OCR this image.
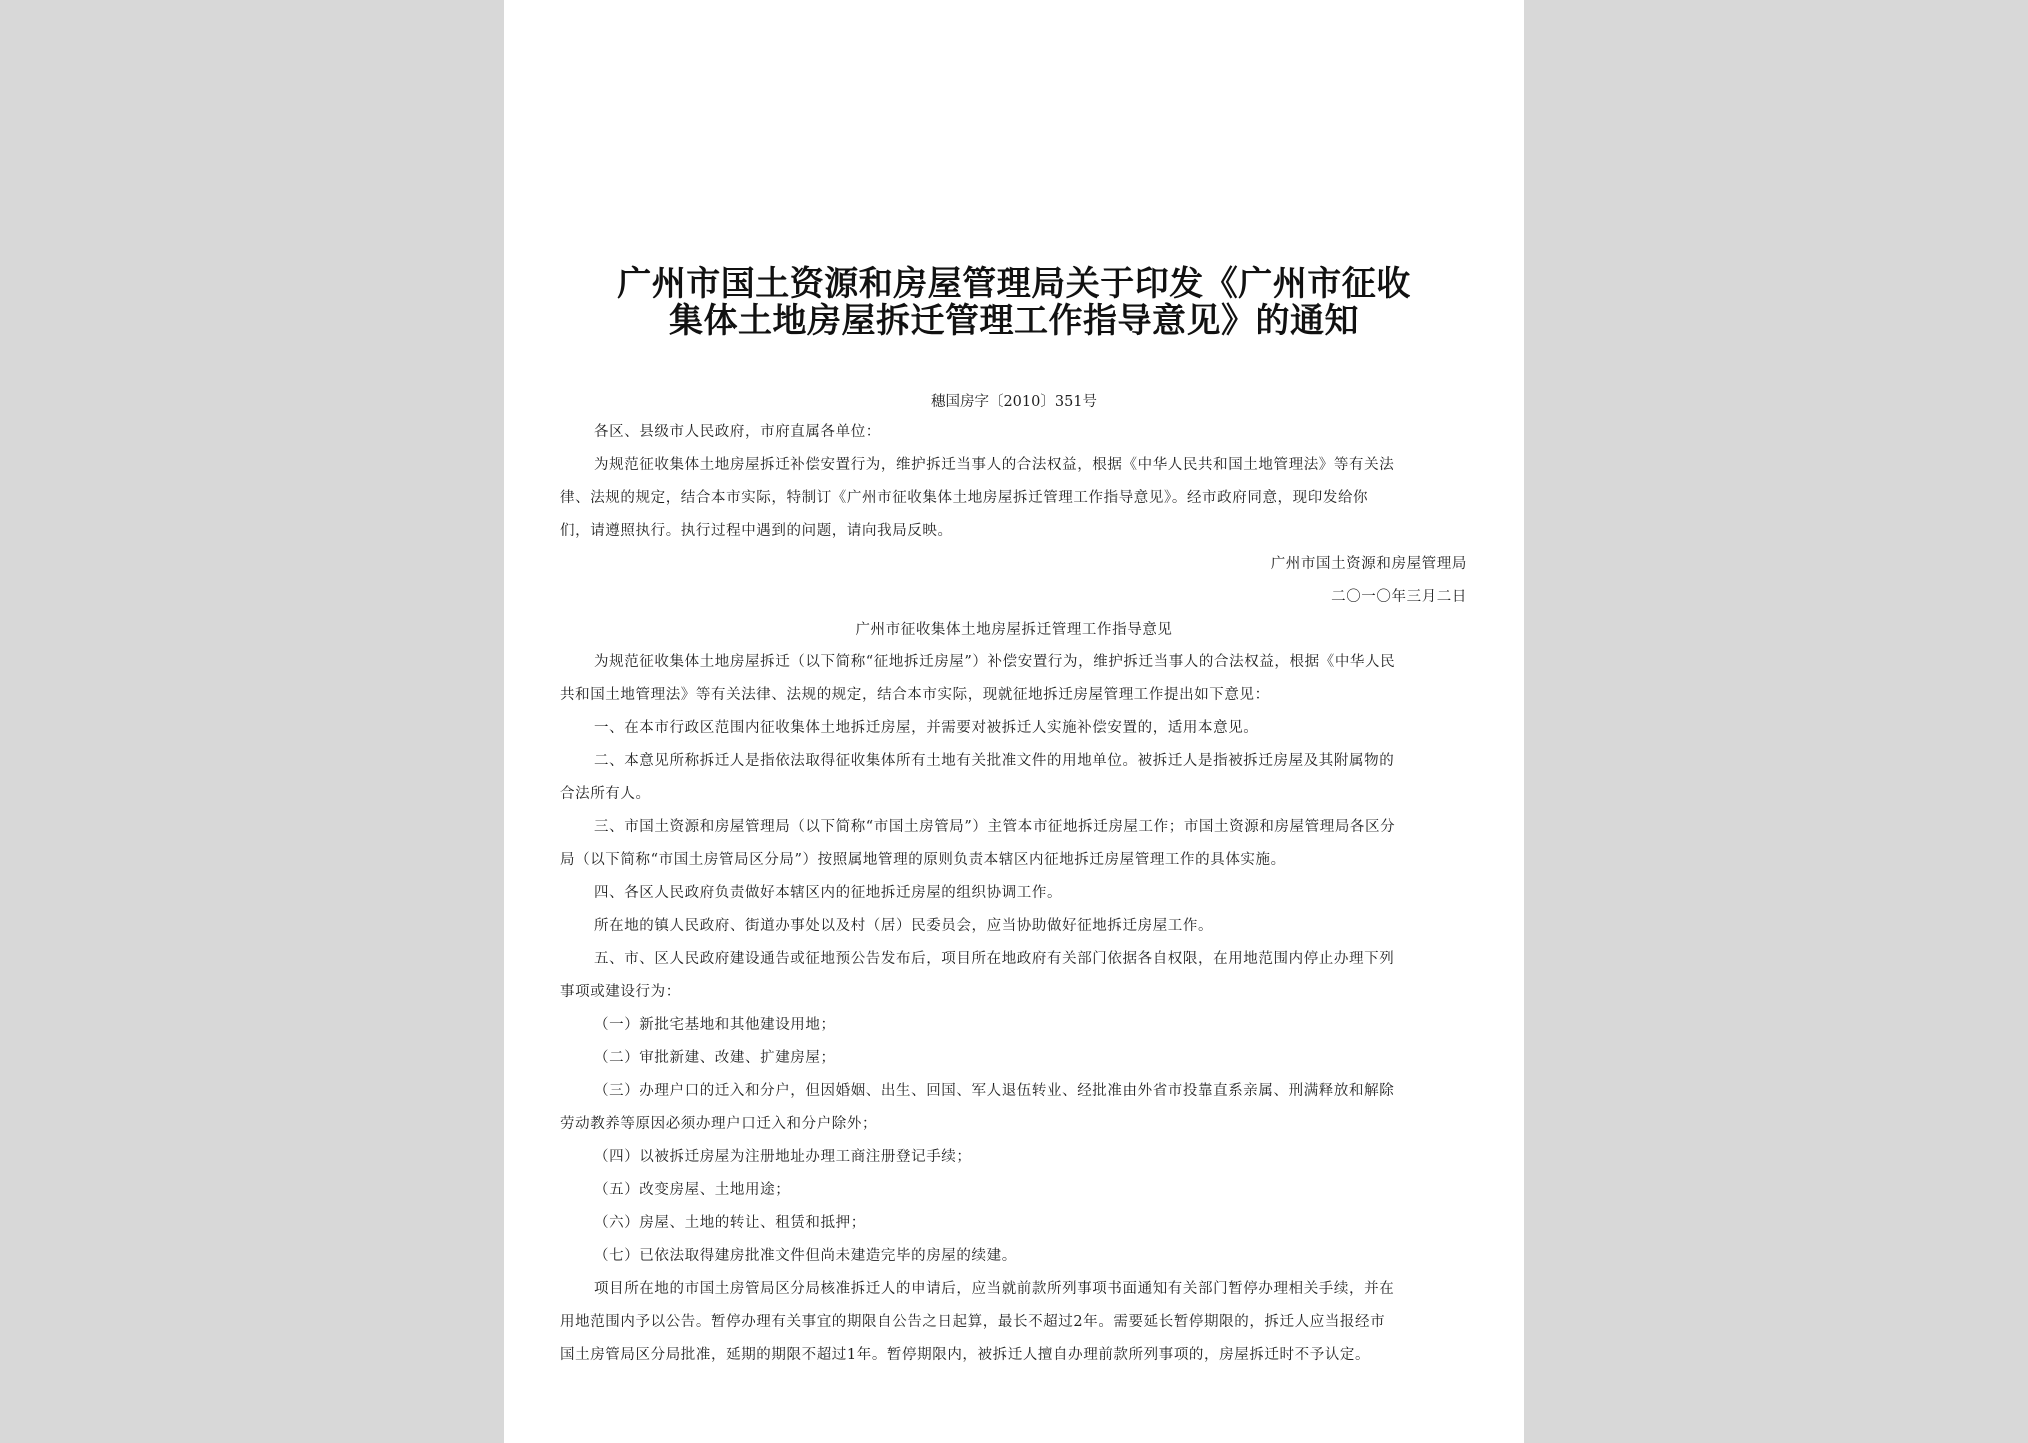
广州市国土资源和房屋管理局关于印发《广州市征收
集体土地房屋拆迁管理工作指导意见》的通知
穗国房字〔2010〕351号
各区、县级市人民政府，市府直属各单位：
为规范征收集体土地房屋拆迁补偿安置行为，维护拆迁当事人的合法权益，根据《中华人民共和国土地管理法》等有关法
律、法规的规定，结合本市实际，特制订《广州市征收集体土地房屋拆迁管理工作指导意见》。经市政府同意，现印发给你
们，请遵照执行。执行过程中遇到的问题，请向我局反映。
广州市国土资源和房屋管理局
二〇一〇年三月二日
广州市征收集体土地房屋拆迁管理工作指导意见
为规范征收集体土地房屋拆迁（以下简称“征地拆迁房屋”）补偿安置行为，维护拆迁当事人的合法权益，根据《中华人民
共和国土地管理法》等有关法律、法规的规定，结合本市实际，现就征地拆迁房屋管理工作提出如下意见：
一、在本市行政区范围内征收集体土地拆迁房屋，并需要对被拆迁人实施补偿安置的，适用本意见。
二、本意见所称拆迁人是指依法取得征收集体所有土地有关批准文件的用地单位。被拆迁人是指被拆迁房屋及其附属物的
合法所有人。
三、市国土资源和房屋管理局（以下简称“市国土房管局”）主管本市征地拆迁房屋工作；市国土资源和房屋管理局各区分
局（以下简称“市国土房管局区分局”）按照属地管理的原则负责本辖区内征地拆迁房屋管理工作的具体实施。
四、各区人民政府负责做好本辖区内的征地拆迁房屋的组织协调工作。
所在地的镇人民政府、街道办事处以及村（居）民委员会，应当协助做好征地拆迁房屋工作。
五、市、区人民政府建设通告或征地预公告发布后，项目所在地政府有关部门依据各自权限，在用地范围内停止办理下列
事项或建设行为：
（一）新批宅基地和其他建设用地；
（二）审批新建、改建、扩建房屋；
（三）办理户口的迁入和分户，但因婚姻、出生、回国、军人退伍转业、经批准由外省市投靠直系亲属、刑满释放和解除
劳动教养等原因必须办理户口迁入和分户除外；
（四）以被拆迁房屋为注册地址办理工商注册登记手续；
（五）改变房屋、土地用途；
（六）房屋、土地的转让、租赁和抵押；
（七）已依法取得建房批准文件但尚未建造完毕的房屋的续建。
项目所在地的市国土房管局区分局核准拆迁人的申请后，应当就前款所列事项书面通知有关部门暂停办理相关手续，并在
用地范围内予以公告。暂停办理有关事宜的期限自公告之日起算，最长不超过2年。需要延长暂停期限的，拆迁人应当报经市
国土房管局区分局批准，延期的期限不超过1年。暂停期限内，被拆迁人擅自办理前款所列事项的，房屋拆迁时不予认定。
